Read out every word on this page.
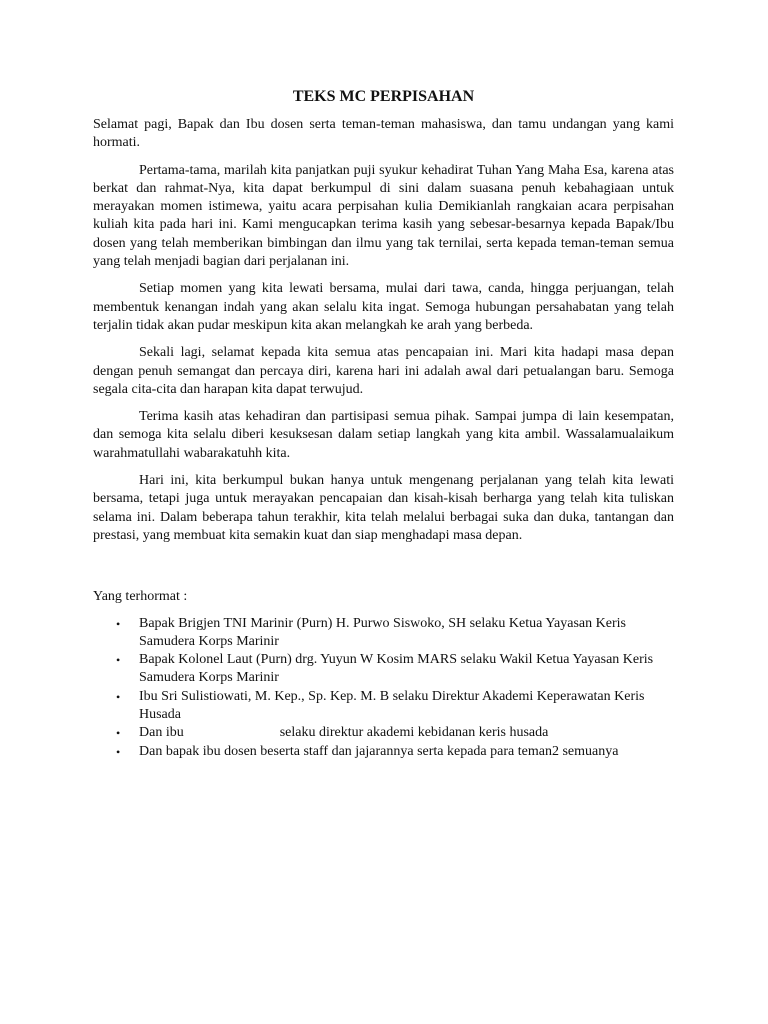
TEKS MC PERPISAHAN

Selamat pagi, Bapak dan Ibu dosen serta teman-teman mahasiswa, dan tamu undangan yang kami hormati.

Pertama-tama, marilah kita panjatkan puji syukur kehadirat Tuhan Yang Maha Esa, karena atas berkat dan rahmat-Nya, kita dapat berkumpul di sini dalam suasana penuh kebahagiaan untuk merayakan momen istimewa, yaitu acara perpisahan kulia Demikianlah rangkaian acara perpisahan kuliah kita pada hari ini. Kami mengucapkan terima kasih yang sebesar-besarnya kepada Bapak/Ibu dosen yang telah memberikan bimbingan dan ilmu yang tak ternilai, serta kepada teman-teman semua yang telah menjadi bagian dari perjalanan ini.

Setiap momen yang kita lewati bersama, mulai dari tawa, canda, hingga perjuangan, telah membentuk kenangan indah yang akan selalu kita ingat. Semoga hubungan persahabatan yang telah terjalin tidak akan pudar meskipun kita akan melangkah ke arah yang berbeda.

Sekali lagi, selamat kepada kita semua atas pencapaian ini. Mari kita hadapi masa depan dengan penuh semangat dan percaya diri, karena hari ini adalah awal dari petualangan baru. Semoga segala cita-cita dan harapan kita dapat terwujud.

Terima kasih atas kehadiran dan partisipasi semua pihak. Sampai jumpa di lain kesempatan, dan semoga kita selalu diberi kesuksesan dalam setiap langkah yang kita ambil. Wassalamualaikum warahmatullahi wabarakatuhh kita.

Hari ini, kita berkumpul bukan hanya untuk mengenang perjalanan yang telah kita lewati bersama, tetapi juga untuk merayakan pencapaian dan kisah-kisah berharga yang telah kita tuliskan selama ini. Dalam beberapa tahun terakhir, kita telah melalui berbagai suka dan duka, tantangan dan prestasi, yang membuat kita semakin kuat dan siap menghadapi masa depan.

Yang terhormat :

• Bapak Brigjen TNI Marinir (Purn) H. Purwo Siswoko, SH selaku Ketua Yayasan Keris Samudera Korps Marinir
• Bapak Kolonel Laut (Purn) drg. Yuyun W Kosim MARS selaku Wakil Ketua Yayasan Keris Samudera Korps Marinir
• Ibu Sri Sulistiowati, M. Kep., Sp. Kep. M. B selaku Direktur Akademi Keperawatan Keris Husada
• Dan ibu	selaku direktur akademi kebidanan keris husada
• Dan bapak ibu dosen beserta staff dan jajarannya serta kepada para teman2 semuanya
